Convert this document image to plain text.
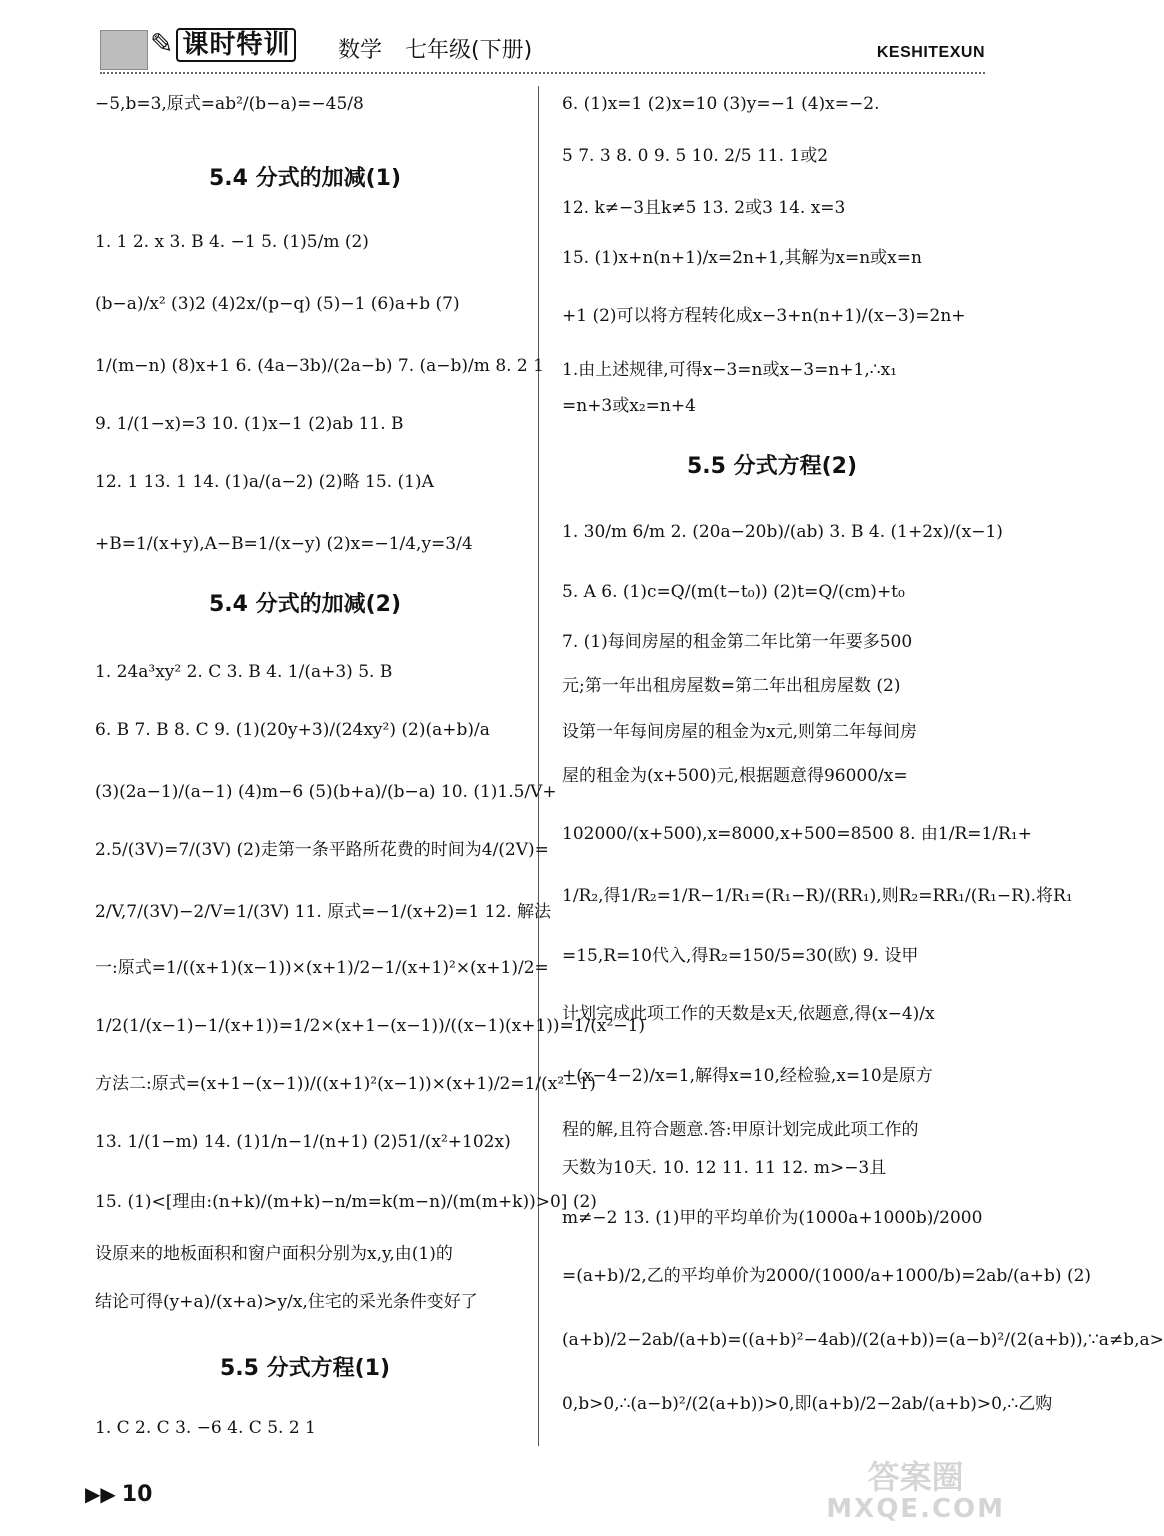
✎ 课时特训 数学 七年级(下册)	KESHITEXUN
−5,b=3,原式=ab²/(b−a)=−45/8
5.4 分式的加减(1)
1. 1 2. x 3. B 4. −1 5. (1)5/m (2)
(b−a)/x² (3)2 (4)2x/(p−q) (5)−1 (6)a+b (7)
1/(m−n) (8)x+1 6. (4a−3b)/(2a−b) 7. (a−b)/m 8. 2 1
9. 1/(1−x)=3 10. (1)x−1 (2)ab 11. B
12. 1 13. 1 14. (1)a/(a−2) (2)略 15. (1)A
+B=1/(x+y),A−B=1/(x−y) (2)x=−1/4,y=3/4
5.4 分式的加减(2)
1. 24a³xy² 2. C 3. B 4. 1/(a+3) 5. B
6. B 7. B 8. C 9. (1)(20y+3)/(24xy²) (2)(a+b)/a
(3)(2a−1)/(a−1) (4)m−6 (5)(b+a)/(b−a) 10. (1)1.5/V+
2.5/(3V)=7/(3V) (2)走第一条平路所花费的时间为4/(2V)=
2/V,7/(3V)−2/V=1/(3V) 11. 原式=−1/(x+2)=1 12. 解法
一:原式=1/((x+1)(x−1))×(x+1)/2−1/(x+1)²×(x+1)/2=
1/2(1/(x−1)−1/(x+1))=1/2×(x+1−(x−1))/((x−1)(x+1))=1/(x²−1)
方法二:原式=(x+1−(x−1))/((x+1)²(x−1))×(x+1)/2=1/(x²−1)
13. 1/(1−m) 14. (1)1/n−1/(n+1) (2)51/(x²+102x)
15. (1)<[理由:(n+k)/(m+k)−n/m=k(m−n)/(m(m+k))>0] (2)
设原来的地板面积和窗户面积分别为x,y,由(1)的
结论可得(y+a)/(x+a)>y/x,住宅的采光条件变好了
5.5 分式方程(1)
1. C 2. C 3. −6 4. C 5. 2 1
6. (1)x=1 (2)x=10 (3)y=−1 (4)x=−2.
5 7. 3 8. 0 9. 5 10. 2/5 11. 1或2
12. k≠−3且k≠5 13. 2或3 14. x=3
15. (1)x+n(n+1)/x=2n+1,其解为x=n或x=n
+1 (2)可以将方程转化成x−3+n(n+1)/(x−3)=2n+
1.由上述规律,可得x−3=n或x−3=n+1,∴x₁
=n+3或x₂=n+4
5.5 分式方程(2)
1. 30/m 6/m 2. (20a−20b)/(ab) 3. B 4. (1+2x)/(x−1)
5. A 6. (1)c=Q/(m(t−t₀)) (2)t=Q/(cm)+t₀
7. (1)每间房屋的租金第二年比第一年要多500
元;第一年出租房屋数=第二年出租房屋数 (2)
设第一年每间房屋的租金为x元,则第二年每间房
屋的租金为(x+500)元,根据题意得96000/x=
102000/(x+500),x=8000,x+500=8500 8. 由1/R=1/R₁+
1/R₂,得1/R₂=1/R−1/R₁=(R₁−R)/(RR₁),则R₂=RR₁/(R₁−R).将R₁
=15,R=10代入,得R₂=150/5=30(欧) 9. 设甲
计划完成此项工作的天数是x天,依题意,得(x−4)/x
+(x−4−2)/x=1,解得x=10,经检验,x=10是原方
程的解,且符合题意.答:甲原计划完成此项工作的
天数为10天. 10. 12 11. 11 12. m>−3且
m≠−2 13. (1)甲的平均单价为(1000a+1000b)/2000
=(a+b)/2,乙的平均单价为2000/(1000/a+1000/b)=2ab/(a+b) (2)
(a+b)/2−2ab/(a+b)=((a+b)²−4ab)/(2(a+b))=(a−b)²/(2(a+b)),∵a≠b,a>
0,b>0,∴(a−b)²/(2(a+b))>0,即(a+b)/2−2ab/(a+b)>0,∴乙购
▶▶ 10	答案圈
MXQE.COM
